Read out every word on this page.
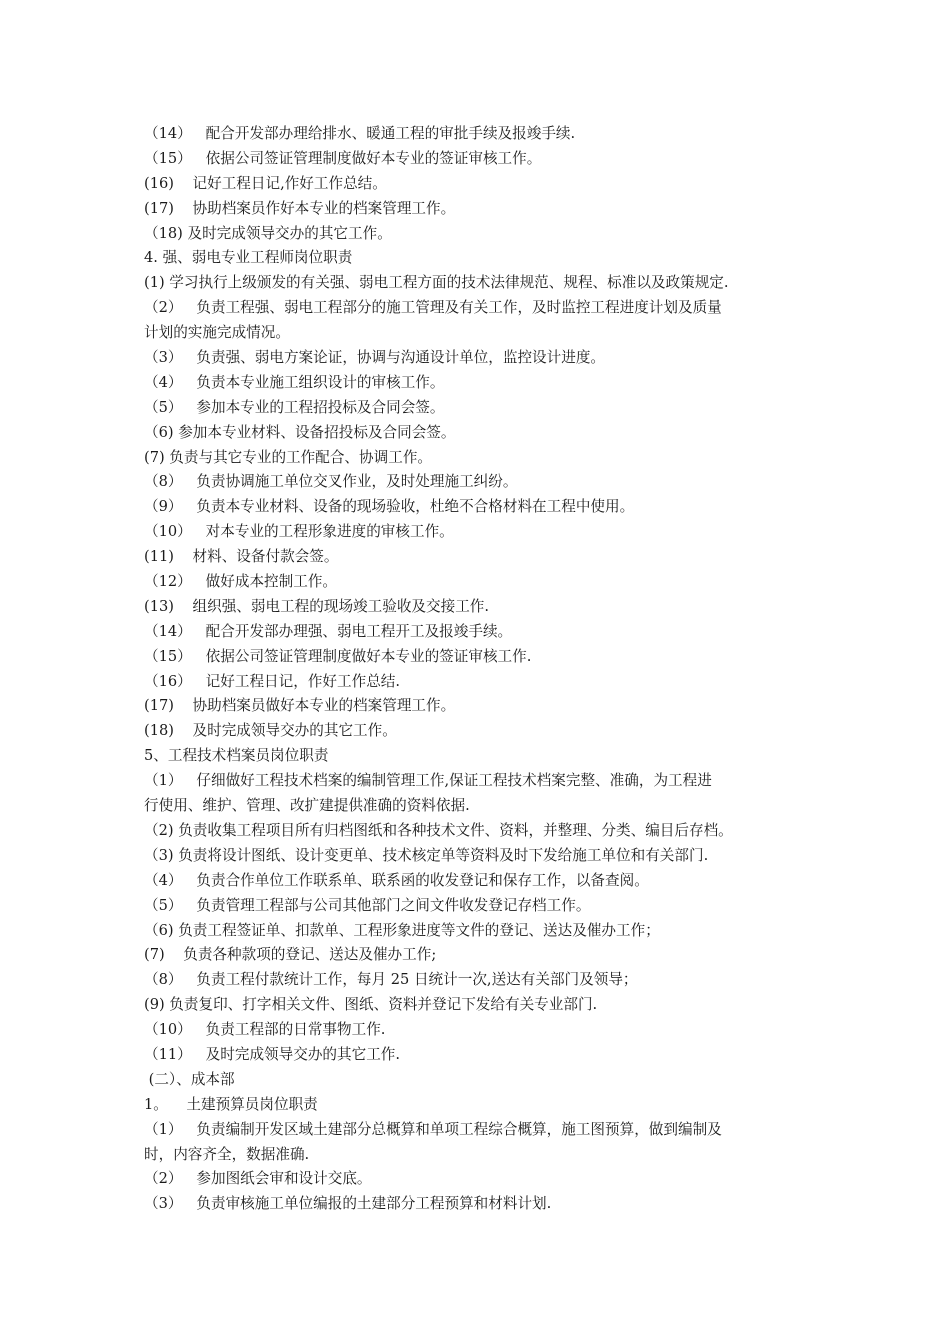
（14）   配合开发部办理给排水、暖通工程的审批手续及报竣手续.
（15）   依据公司签证管理制度做好本专业的签证审核工作。
(16)    记好工程日记,作好工作总结。
(17)    协助档案员作好本专业的档案管理工作。
（18) 及时完成领导交办的其它工作。
4. 强、弱电专业工程师岗位职责
(1) 学习执行上级颁发的有关强、弱电工程方面的技术法律规范、规程、标准以及政策规定.
（2）   负责工程强、弱电工程部分的施工管理及有关工作，及时监控工程进度计划及质量
计划的实施完成情况。
（3）   负责强、弱电方案论证，协调与沟通设计单位，监控设计进度。
（4）   负责本专业施工组织设计的审核工作。
（5）   参加本专业的工程招投标及合同会签。
（6) 参加本专业材料、设备招投标及合同会签。
(7) 负责与其它专业的工作配合、协调工作。
（8）   负责协调施工单位交叉作业，及时处理施工纠纷。
（9）   负责本专业材料、设备的现场验收，杜绝不合格材料在工程中使用。
（10）   对本专业的工程形象进度的审核工作。
(11)    材料、设备付款会签。
（12）   做好成本控制工作。
(13)    组织强、弱电工程的现场竣工验收及交接工作.
（14）   配合开发部办理强、弱电工程开工及报竣手续。
（15）   依据公司签证管理制度做好本专业的签证审核工作.
（16）   记好工程日记，作好工作总结.
(17)    协助档案员做好本专业的档案管理工作。
(18)    及时完成领导交办的其它工作。
5、工程技术档案员岗位职责
（1）   仔细做好工程技术档案的编制管理工作,保证工程技术档案完整、准确，为工程进
行使用、维护、管理、改扩建提供准确的资料依据.
（2) 负责收集工程项目所有归档图纸和各种技术文件、资料，并整理、分类、编目后存档。
（3) 负责将设计图纸、设计变更单、技术核定单等资料及时下发给施工单位和有关部门.
（4）   负责合作单位工作联系单、联系函的收发登记和保存工作，以备查阅。
（5）   负责管理工程部与公司其他部门之间文件收发登记存档工作。
（6) 负责工程签证单、扣款单、工程形象进度等文件的登记、送达及催办工作；
(7)    负责各种款项的登记、送达及催办工作;
（8）   负责工程付款统计工作，每月 25 日统计一次,送达有关部门及领导；
(9) 负责复印、打字相关文件、图纸、资料并登记下发给有关专业部门.
（10）   负责工程部的日常事物工作.
（11）   及时完成领导交办的其它工作.
(二）、成本部
1。    土建预算员岗位职责
（1）   负责编制开发区域土建部分总概算和单项工程综合概算，施工图预算，做到编制及
时，内容齐全，数据准确.
（2）   参加图纸会审和设计交底。
（3）   负责审核施工单位编报的土建部分工程预算和材料计划.
